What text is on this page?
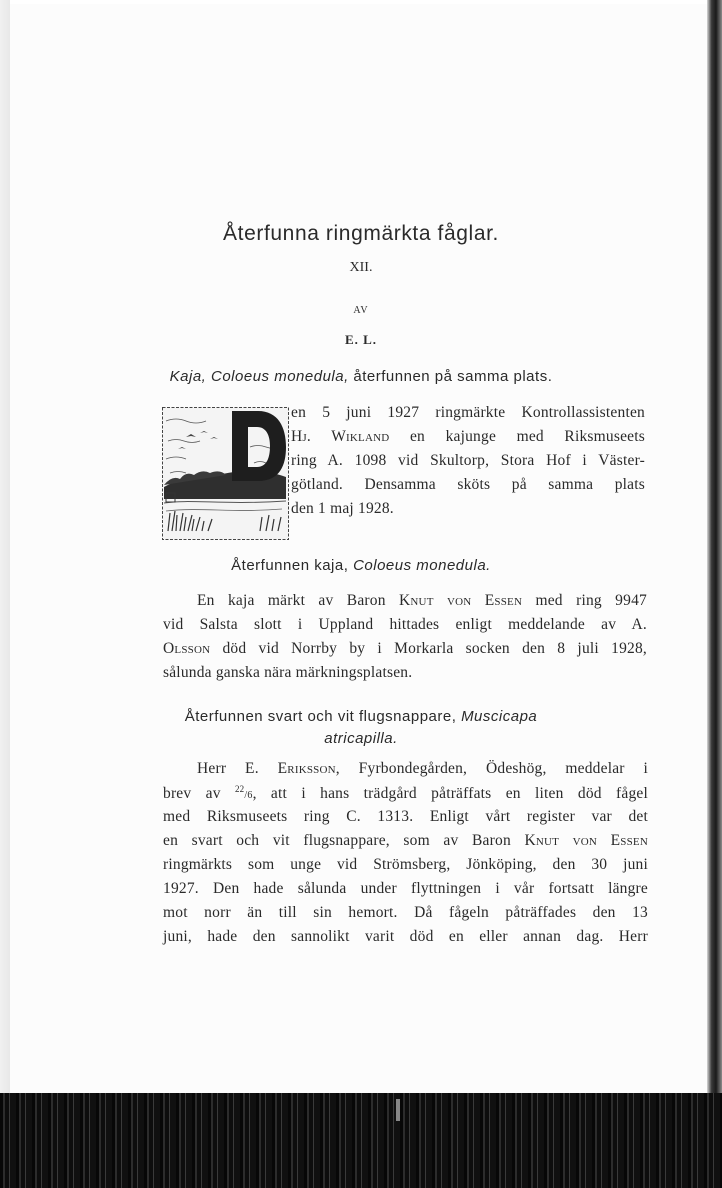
Återfunna ringmärkta fåglar.
XII.
AV
E. L.
Kaja, Coloeus monedula, återfunnen på samma plats.
en 5 juni 1927 ringmärkte Kontrollassistenten
Hj. Wikland en kajunge med Riksmuseets
ring A. 1098 vid Skultorp, Stora Hof i Väster-
götland. Densamma sköts på samma plats
den 1 maj 1928.
Återfunnen kaja, Coloeus monedula.
En kaja märkt av Baron Knut von Essen med ring 9947
vid Salsta slott i Uppland hittades enligt meddelande av A.
Olsson död vid Norrby by i Morkarla socken den 8 juli 1928,
sålunda ganska nära märkningsplatsen.
Återfunnen svart och vit flugsnappare, Muscicapa
atricapilla.
Herr E. Eriksson, Fyrbondegården, Ödeshög, meddelar i
brev av $^{22}$/6, att i hans trädgård påträffats en liten död fågel
med Riksmuseets ring C. 1313. Enligt vårt register var det
en svart och vit flugsnappare, som av Baron Knut von Essen
ringmärkts som unge vid Strömsberg, Jönköping, den 30 juni
1927. Den hade sålunda under flyttningen i vår fortsatt längre
mot norr än till sin hemort. Då fågeln påträffades den 13
juni, hade den sannolikt varit död en eller annan dag. Herr
